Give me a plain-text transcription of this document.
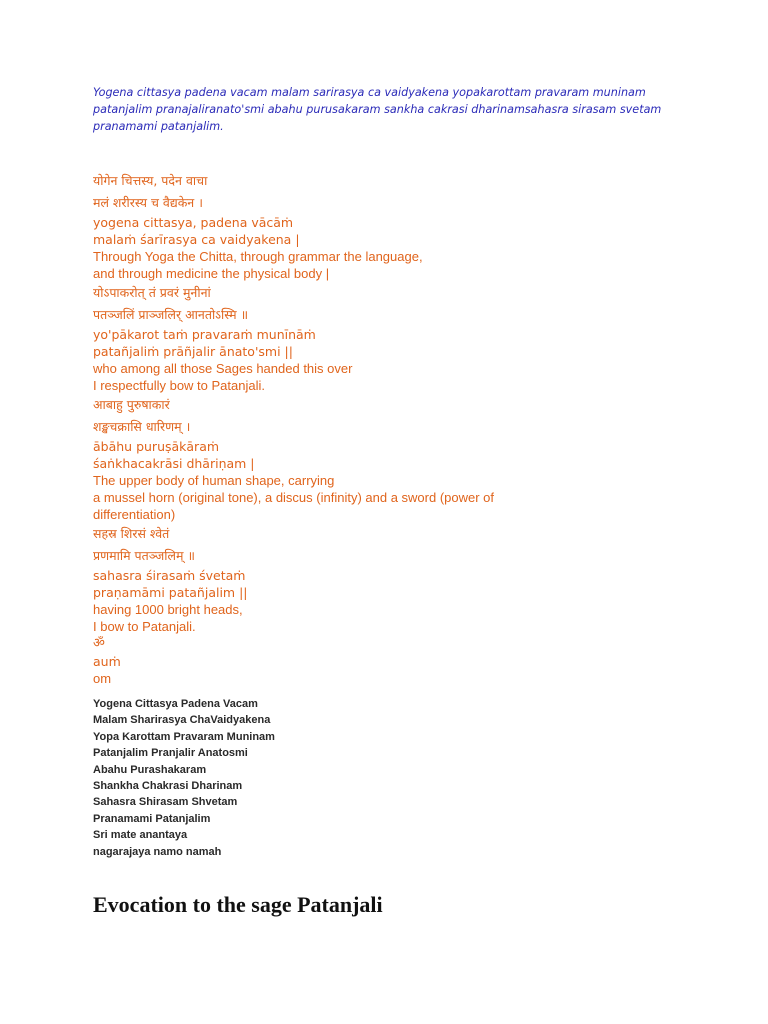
Yogena cittasya padena vacam malam sarirasya ca vaidyakena yopakarottam pravaram muninam patanjalim pranajaliranato'smi abahu purusakaram sankha cakrasi dharinamsahasra sirasam svetam pranamami patanjalim.
योगेन चित्तस्य, पदेन वाचा
मलं शरीरस्य च वैद्यकेन ।
yogena cittasya, padena vācāṁ
malaṁ śarīrasya ca vaidyakena |
Through Yoga the Chitta, through grammar the language,
and through medicine the physical body |
योऽपाकरोत् तं प्रवरं मुनीनां
पतञ्जलिं प्राञ्जलिर् आनतोऽस्मि ॥
yo'pākarot taṁ pravaraṁ munīnāṁ
patañjaliṁ prāñjalir ānato'smi ||
who among all those Sages handed this over
I respectfully bow to Patanjali.
आबाहु पुरुषाकारं
शङ्खचक्रासि धारिणम् ।
ābāhu puruṣākāraṁ
śaṅkhacakrāsi dhāriṇam |
The upper body of human shape, carrying
a mussel horn (original tone), a discus (infinity) and a sword (power of differentiation)
सहस्र शिरसं श्वेतं
प्रणमामि पतञ्जलिम् ॥
sahasra śirasaṁ śvetaṁ
praṇamāmi patañjalim ||
having 1000 bright heads,
I bow to Patanjali.
ॐ
auṁ
om
Yogena Cittasya Padena Vacam
Malam Sharirasya ChaVaidyakena
Yopa Karottam Pravaram Muninam
Patanjalim Pranjalir Anatosmi
Abahu Purashakaram
Shankha Chakrasi Dharinam
Sahasra Shirasam Shvetam
Pranamami Patanjalim
Sri mate anantaya
nagarajaya namo namah
Evocation to the sage Patanjali
